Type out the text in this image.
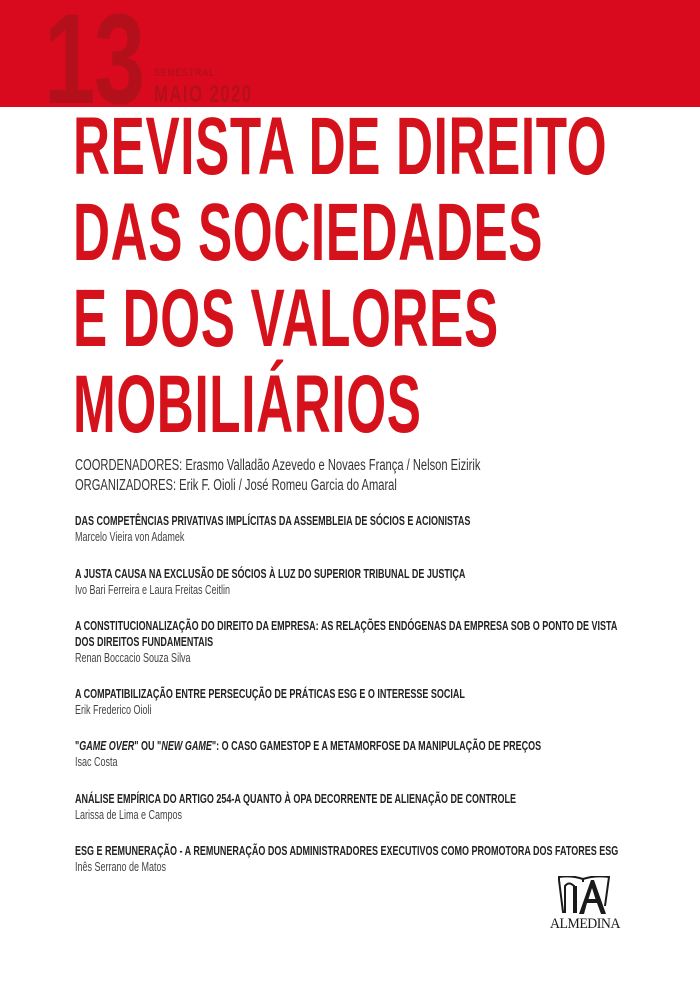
13 SEMESTRAL
MAIO 2020
REVISTA DE DIREITO
DAS SOCIEDADES
E DOS VALORES
MOBILIÁRIOS
COORDENADORES: Erasmo Valladão Azevedo e Novaes França / Nelson Eizirik
ORGANIZADORES: Erik F. Oioli / José Romeu Garcia do Amaral
DAS COMPETÊNCIAS PRIVATIVAS IMPLÍCITAS DA ASSEMBLEIA DE SÓCIOS E ACIONISTAS
Marcelo Vieira von Adamek
A JUSTA CAUSA NA EXCLUSÃO DE SÓCIOS À LUZ DO SUPERIOR TRIBUNAL DE JUSTIÇA
Ivo Bari Ferreira e Laura Freitas Ceitlin
A CONSTITUCIONALIZAÇÃO DO DIREITO DA EMPRESA: AS RELAÇÕES ENDÓGENAS DA EMPRESA SOB O PONTO DE VISTA
DOS DIREITOS FUNDAMENTAIS
Renan Boccacio Souza Silva
A COMPATIBILIZAÇÃO ENTRE PERSECUÇÃO DE PRÁTICAS ESG E O INTERESSE SOCIAL
Erik Frederico Oioli
"GAME OVER" OU "NEW GAME": O CASO GAMESTOP E A METAMORFOSE DA MANIPULAÇÃO DE PREÇOS
Isac Costa
ANÁLISE EMPÍRICA DO ARTIGO 254-A QUANTO À OPA DECORRENTE DE ALIENAÇÃO DE CONTROLE
Larissa de Lima e Campos
ESG E REMUNERAÇÃO - A REMUNERAÇÃO DOS ADMINISTRADORES EXECUTIVOS COMO PROMOTORA DOS FATORES ESG
Inês Serrano de Matos
ALMEDINA
